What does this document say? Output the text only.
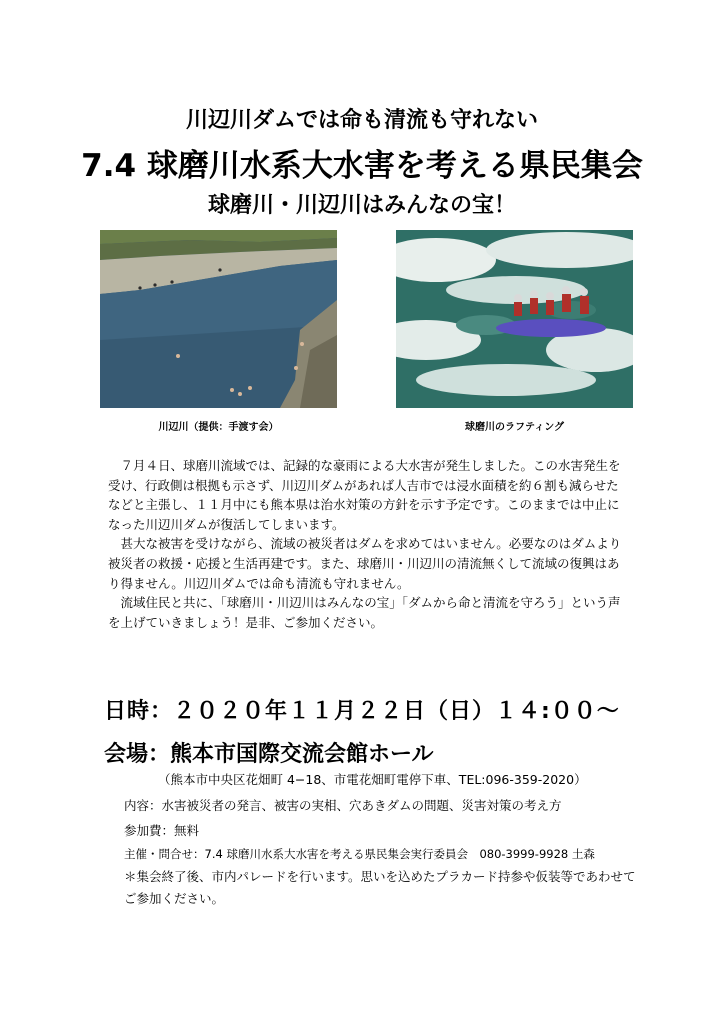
川辺川ダムでは命も清流も守れない
7.4 球磨川水系大水害を考える県民集会
球磨川・川辺川はみんなの宝！
川辺川（提供：手渡す会）	球磨川のラフティング

７月４日、球磨川流域では、記録的な豪雨による大水害が発生しました。この水害発生を受け、行政側は根拠も示さず、川辺川ダムがあれば人吉市では浸水面積を約６割も減らせたなどと主張し、１１月中にも熊本県は治水対策の方針を示す予定です。このままでは中止になった川辺川ダムが復活してしまいます。

甚大な被害を受けながら、流域の被災者はダムを求めてはいません。必要なのはダムより被災者の救援・応援と生活再建です。また、球磨川・川辺川の清流無くして流域の復興はあり得ません。川辺川ダムでは命も清流も守れません。

流域住民と共に、「球磨川・川辺川はみんなの宝」「ダムから命と清流を守ろう」という声を上げていきましょう！是非、ご参加ください。

日時：２０２０年１１月２２日（日）１４:００〜
会場：熊本市国際交流会館ホール
（熊本市中央区花畑町 4−18、市電花畑町電停下車、TEL:096-359-2020）
内容：水害被災者の発言、被害の実相、穴あきダムの問題、災害対策の考え方
参加費：無料
主催・問合せ：7.4 球磨川水系大水害を考える県民集会実行委員会　080-3999-9928 土森
＊集会終了後、市内パレードを行います。思いを込めたプラカード持参や仮装等であわせてご参加ください。
